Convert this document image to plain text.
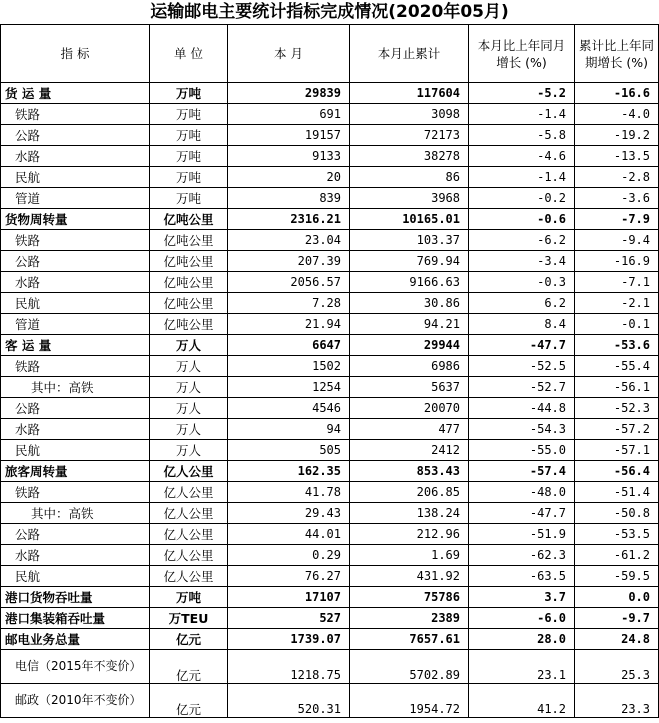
运输邮电主要统计指标完成情况(2020年05月)
指 标	单 位	本 月	本月止累计	本月比上年同月增长 (%)	累计比上年同期增长 (%)
货 运 量	万吨	29839	117604	-5.2	-16.6
铁路	万吨	691	3098	-1.4	-4.0
公路	万吨	19157	72173	-5.8	-19.2
水路	万吨	9133	38278	-4.6	-13.5
民航	万吨	20	86	-1.4	-2.8
管道	万吨	839	3968	-0.2	-3.6
货物周转量	亿吨公里	2316.21	10165.01	-0.6	-7.9
铁路	亿吨公里	23.04	103.37	-6.2	-9.4
公路	亿吨公里	207.39	769.94	-3.4	-16.9
水路	亿吨公里	2056.57	9166.63	-0.3	-7.1
民航	亿吨公里	7.28	30.86	6.2	-2.1
管道	亿吨公里	21.94	94.21	8.4	-0.1
客 运 量	万人	6647	29944	-47.7	-53.6
铁路	万人	1502	6986	-52.5	-55.4
其中：高铁	万人	1254	5637	-52.7	-56.1
公路	万人	4546	20070	-44.8	-52.3
水路	万人	94	477	-54.3	-57.2
民航	万人	505	2412	-55.0	-57.1
旅客周转量	亿人公里	162.35	853.43	-57.4	-56.4
铁路	亿人公里	41.78	206.85	-48.0	-51.4
其中：高铁	亿人公里	29.43	138.24	-47.7	-50.8
公路	亿人公里	44.01	212.96	-51.9	-53.5
水路	亿人公里	0.29	1.69	-62.3	-61.2
民航	亿人公里	76.27	431.92	-63.5	-59.5
港口货物吞吐量	万吨	17107	75786	3.7	0.0
港口集装箱吞吐量	万TEU	527	2389	-6.0	-9.7
邮电业务总量	亿元	1739.07	7657.61	28.0	24.8
电信（2015年不变价）	亿元	1218.75	5702.89	23.1	25.3
邮政（2010年不变价）	亿元	520.31	1954.72	41.2	23.3
